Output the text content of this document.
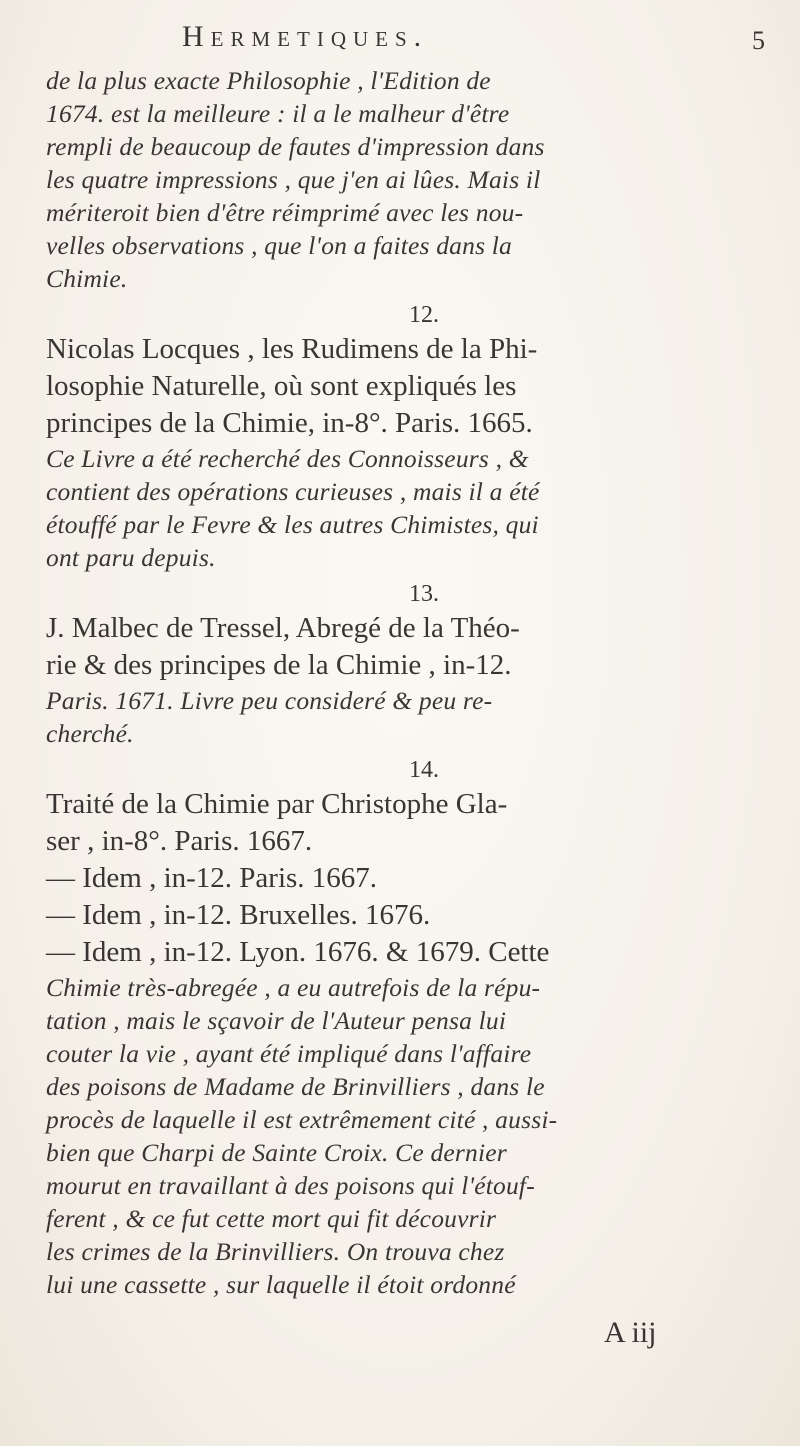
Hermetiques.	5
de la plus exacte Philosophie , l'Edition de
1674. est la meilleure : il a le malheur d'être
rempli de beaucoup de fautes d'impression dans
les quatre impressions , que j'en ai lûes. Mais il
mériteroit bien d'être réimprimé avec les nou-
velles observations , que l'on a faites dans la
Chimie.
12.
Nicolas Locques , les Rudimens de la Phi-
losophie Naturelle, où sont expliqués les
principes de la Chimie, in-8°. Paris. 1665.
Ce Livre a été recherché des Connoisseurs , &
contient des opérations curieuses , mais il a été
étouffé par le Fevre & les autres Chimistes, qui
ont paru depuis.
13.
J. Malbec de Tressel, Abregé de la Théo-
rie & des principes de la Chimie , in-12.
Paris. 1671. Livre peu consideré & peu re-
cherché.
14.
Traité de la Chimie par Christophe Gla-
ser , in-8°. Paris. 1667.
— Idem , in-12. Paris. 1667.
— Idem , in-12. Bruxelles. 1676.
— Idem , in-12. Lyon. 1676. & 1679. Cette
Chimie très-abregée , a eu autrefois de la répu-
tation , mais le sçavoir de l'Auteur pensa lui
couter la vie , ayant été impliqué dans l'affaire
des poisons de Madame de Brinvilliers , dans le
procès de laquelle il est extrêmement cité , aussi-
bien que Charpi de Sainte Croix. Ce dernier
mourut en travaillant à des poisons qui l'étouf-
ferent , & ce fut cette mort qui fit découvrir
les crimes de la Brinvilliers. On trouva chez
lui une cassette , sur laquelle il étoit ordonné
A iij
